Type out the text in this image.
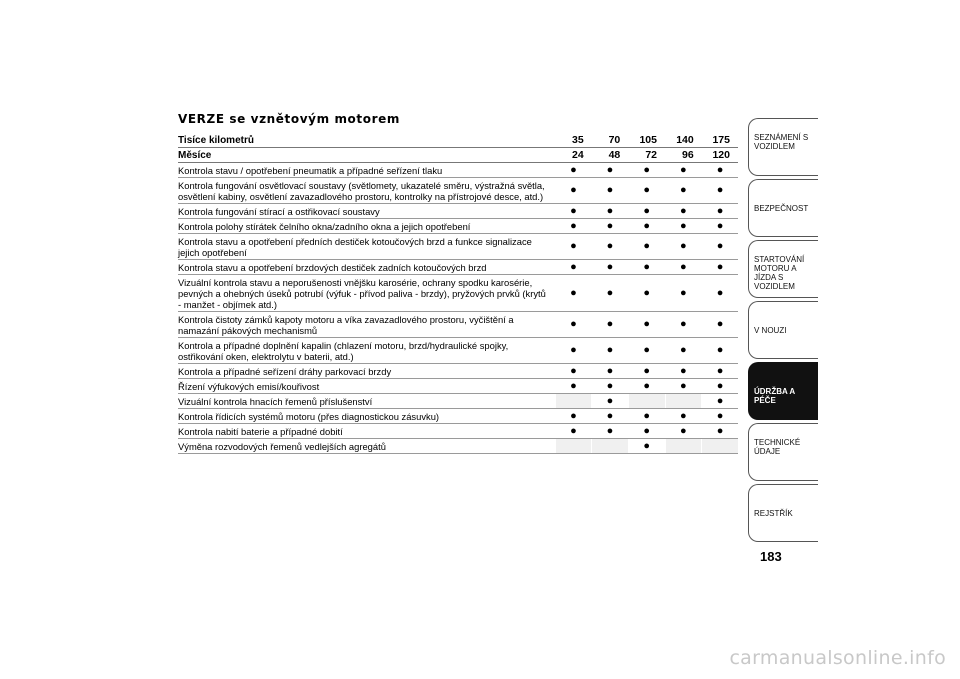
VERZE se vznětovým motorem
Tisíce kilometrů	35	70	105	140	175
Měsíce	24	48	72	96	120
Kontrola stavu / opotřebení pneumatik a případné seřízení tlaku	●	●	●	●	●
Kontrola fungování osvětlovací soustavy (světlomety, ukazatelé směru, výstražná světla, osvětlení kabiny, osvětlení zavazadlového prostoru, kontrolky na přístrojové desce, atd.)	●	●	●	●	●
Kontrola fungování stírací a ostřikovací soustavy	●	●	●	●	●
Kontrola polohy stírátek čelního okna/zadního okna a jejich opotřebení	●	●	●	●	●
Kontrola stavu a opotřebení předních destiček kotoučových brzd a funkce signalizace jejich opotřebení	●	●	●	●	●
Kontrola stavu a opotřebení brzdových destiček zadních kotoučových brzd	●	●	●	●	●
Vizuální kontrola stavu a neporušenosti vnějšku karosérie, ochrany spodku karosérie, pevných a ohebných úseků potrubí (výfuk - přívod paliva - brzdy), pryžových prvků (krytů - manžet - objímek atd.)	●	●	●	●	●
Kontrola čistoty zámků kapoty motoru a víka zavazadlového prostoru, vyčištění a namazání pákových mechanismů	●	●	●	●	●
Kontrola a případné doplnění kapalin (chlazení motoru, brzd/hydraulické spojky, ostřikování oken, elektrolytu v baterii, atd.)	●	●	●	●	●
Kontrola a případné seřízení dráhy parkovací brzdy	●	●	●	●	●
Řízení výfukových emisí/kouřivost	●	●	●	●	●
Vizuální kontrola hnacích řemenů příslušenství		●			●
Kontrola řídicích systémů motoru (přes diagnostickou zásuvku)	●	●	●	●	●
Kontrola nabití baterie a případné dobití	●	●	●	●	●
Výměna rozvodových řemenů vedlejších agregátů			●		
SEZNÁMENÍ S VOZIDLEM
BEZPEČNOST
STARTOVÁNÍ MOTORU A JÍZDA S VOZIDLEM
V NOUZI
ÚDRŽBA A PÉČE
TECHNICKÉ ÚDAJE
REJSTŘÍK
183
carmanualsonline.info
